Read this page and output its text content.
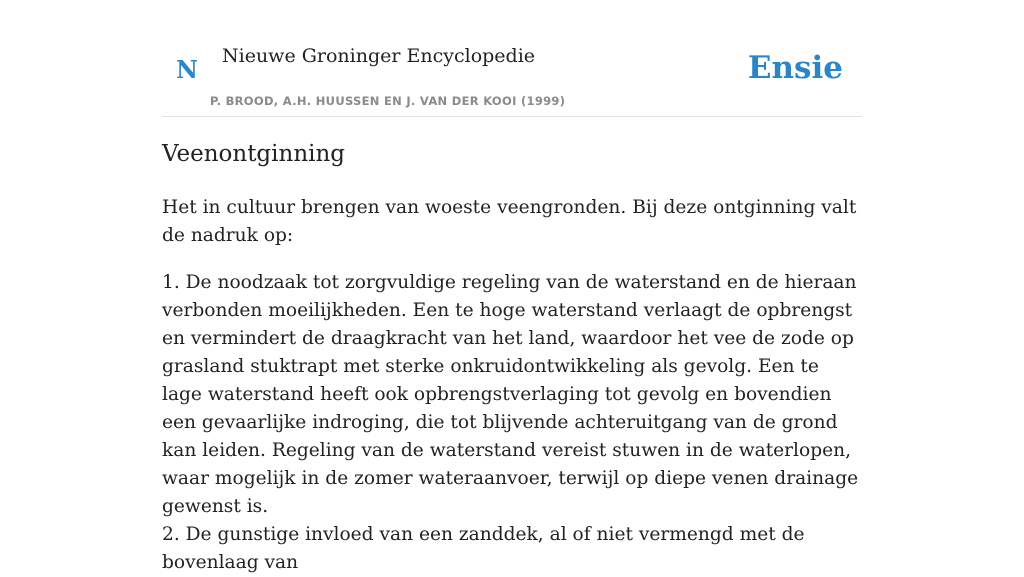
N Nieuwe Groninger Encyclopedie
P. BROOD, A.H. HUUSSEN EN J. VAN DER KOOI (1999)
Ensie
Veenontginning

Het in cultuur brengen van woeste veengronden. Bij deze ontginning valt de nadruk op:

1. De noodzaak tot zorgvuldige regeling van de waterstand en de hieraan verbonden moeilijkheden. Een te hoge waterstand verlaagt de opbrengst en vermindert de draagkracht van het land, waardoor het vee de zode op grasland stuktrapt met sterke onkruidontwikkeling als gevolg. Een te lage waterstand heeft ook opbrengstverlaging tot gevolg en bovendien een gevaarlijke indroging, die tot blijvende achteruitgang van de grond kan leiden. Regeling van de waterstand vereist stuwen in de waterlopen, waar mogelijk in de zomer wateraanvoer, terwijl op diepe venen drainage gewenst is.

2. De gunstige invloed van een zanddek, al of niet vermengd met de bovenlaag van
